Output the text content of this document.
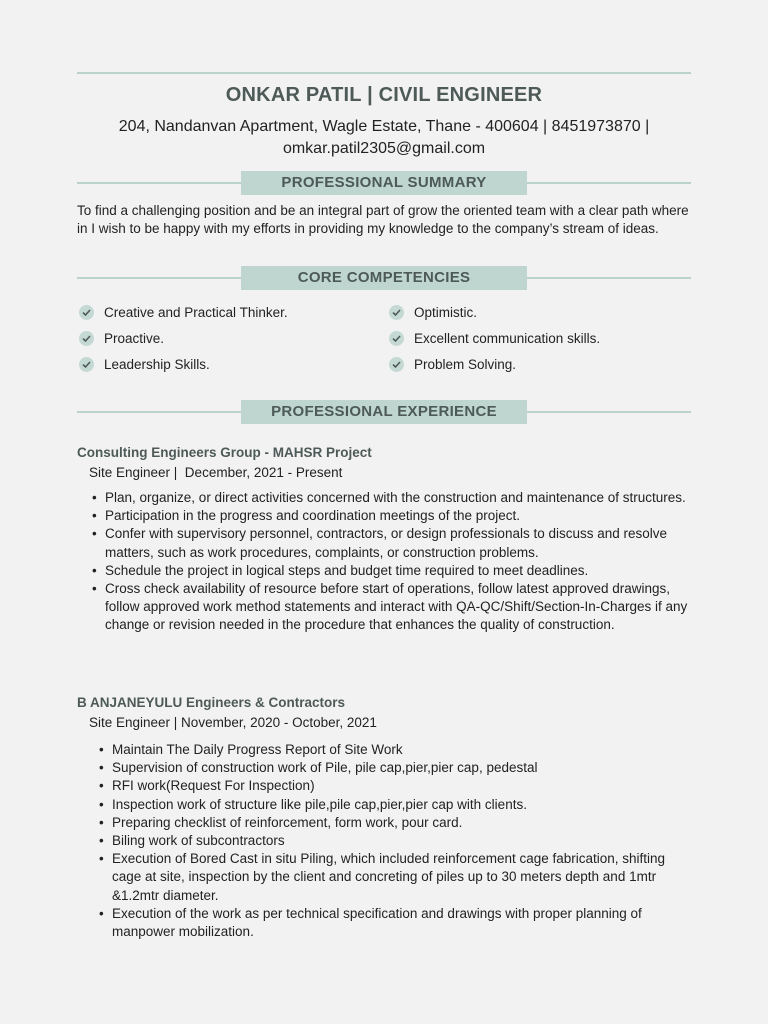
ONKAR PATIL | CIVIL ENGINEER
204, Nandanvan Apartment, Wagle Estate, Thane - 400604 | 8451973870 |
omkar.patil2305@gmail.com
PROFESSIONAL SUMMARY
To find a challenging position and be an integral part of grow the oriented team with a clear path where in I wish to be happy with my efforts in providing my knowledge to the company’s stream of ideas.
CORE COMPETENCIES
Creative and Practical Thinker.
Proactive.
Leadership Skills.
Optimistic.
Excellent communication skills.
Problem Solving.
PROFESSIONAL EXPERIENCE
Consulting Engineers Group - MAHSR Project
Site Engineer |  December, 2021 - Present
• Plan, organize, or direct activities concerned with the construction and maintenance of structures.
• Participation in the progress and coordination meetings of the project.
• Confer with supervisory personnel, contractors, or design professionals to discuss and resolve matters, such as work procedures, complaints, or construction problems.
• Schedule the project in logical steps and budget time required to meet deadlines.
• Cross check availability of resource before start of operations, follow latest approved drawings, follow approved work method statements and interact with QA-QC/Shift/Section-In-Charges if any change or revision needed in the procedure that enhances the quality of construction.
B ANJANEYULU Engineers & Contractors
Site Engineer | November, 2020 - October, 2021
• Maintain The Daily Progress Report of Site Work
• Supervision of construction work of Pile, pile cap,pier,pier cap, pedestal
• RFI work(Request For Inspection)
• Inspection work of structure like pile,pile cap,pier,pier cap with clients.
• Preparing checklist of reinforcement, form work, pour card.
• Biling work of subcontractors
• Execution of Bored Cast in situ Piling, which included reinforcement cage fabrication, shifting cage at site, inspection by the client and concreting of piles up to 30 meters depth and 1mtr &1.2mtr diameter.
• Execution of the work as per technical specification and drawings with proper planning of manpower mobilization.
